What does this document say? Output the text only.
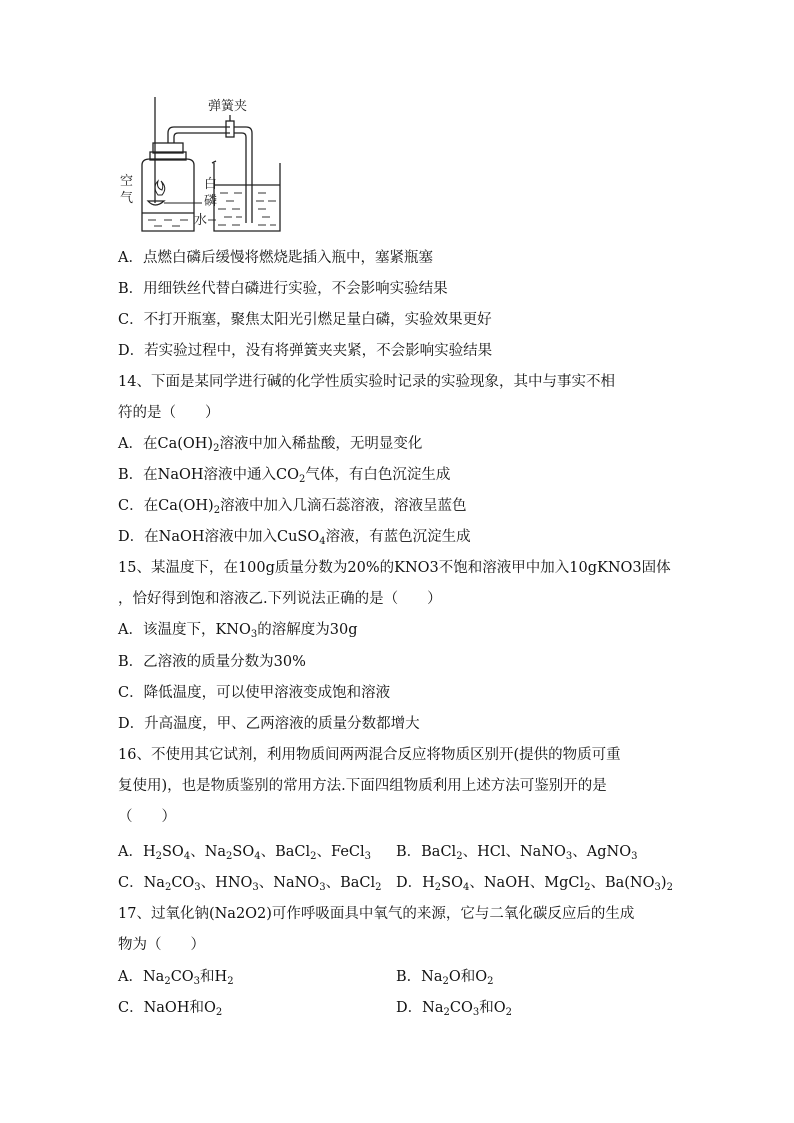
弹簧夹
空
气
白
磷
水
A．点燃白磷后缓慢将燃烧匙插入瓶中，塞紧瓶塞
B．用细铁丝代替白磷进行实验，不会影响实验结果
C．不打开瓶塞，聚焦太阳光引燃足量白磷，实验效果更好
D．若实验过程中，没有将弹簧夹夹紧，不会影响实验结果
14、下面是某同学进行碱的化学性质实验时记录的实验现象，其中与事实不相
符的是（　　）
A．在$Ca(OH)_2$溶液中加入稀盐酸，无明显变化
B．在NaOH溶液中通入$CO_2$气体，有白色沉淀生成
C．在$Ca(OH)_2$溶液中加入几滴石蕊溶液，溶液呈蓝色
D．在NaOH溶液中加入CuSO$_4$溶液，有蓝色沉淀生成
15、某温度下，在100g质量分数为20%的KNO3不饱和溶液甲中加入10gKNO3固体
，恰好得到饱和溶液乙.下列说法正确的是（　　）
A．该温度下，$KNO_3$的溶解度为30g
B．乙溶液的质量分数为30%
C．降低温度，可以使甲溶液变成饱和溶液
D．升高温度，甲、乙两溶液的质量分数都增大
16、不使用其它试剂，利用物质间两两混合反应将物质区别开(提供的物质可重
复使用)，也是物质鉴别的常用方法.下面四组物质利用上述方法可鉴别开的是
（　　）
A．$H_2SO_4$、$Na_2SO_4$、BaCl$_2$、FeCl$_3$ B．BaCl$_2$、HCl、NaNO$_3$、AgNO$_3$
C．$Na_2CO_3$、$HNO_3$、NaNO$_3$、BaCl$_2$ D．$H_2SO_4$、NaOH、MgCl$_2$、$Ba(NO_3)_2$
17、过氧化钠(Na2O2)可作呼吸面具中氧气的来源，它与二氧化碳反应后的生成
物为（　　）
A．$Na_2CO_3$和$H_2$	B．$Na_2O$和$O_2$
C．NaOH和$O_2$	D．$Na_2CO_3$和$O_2$
